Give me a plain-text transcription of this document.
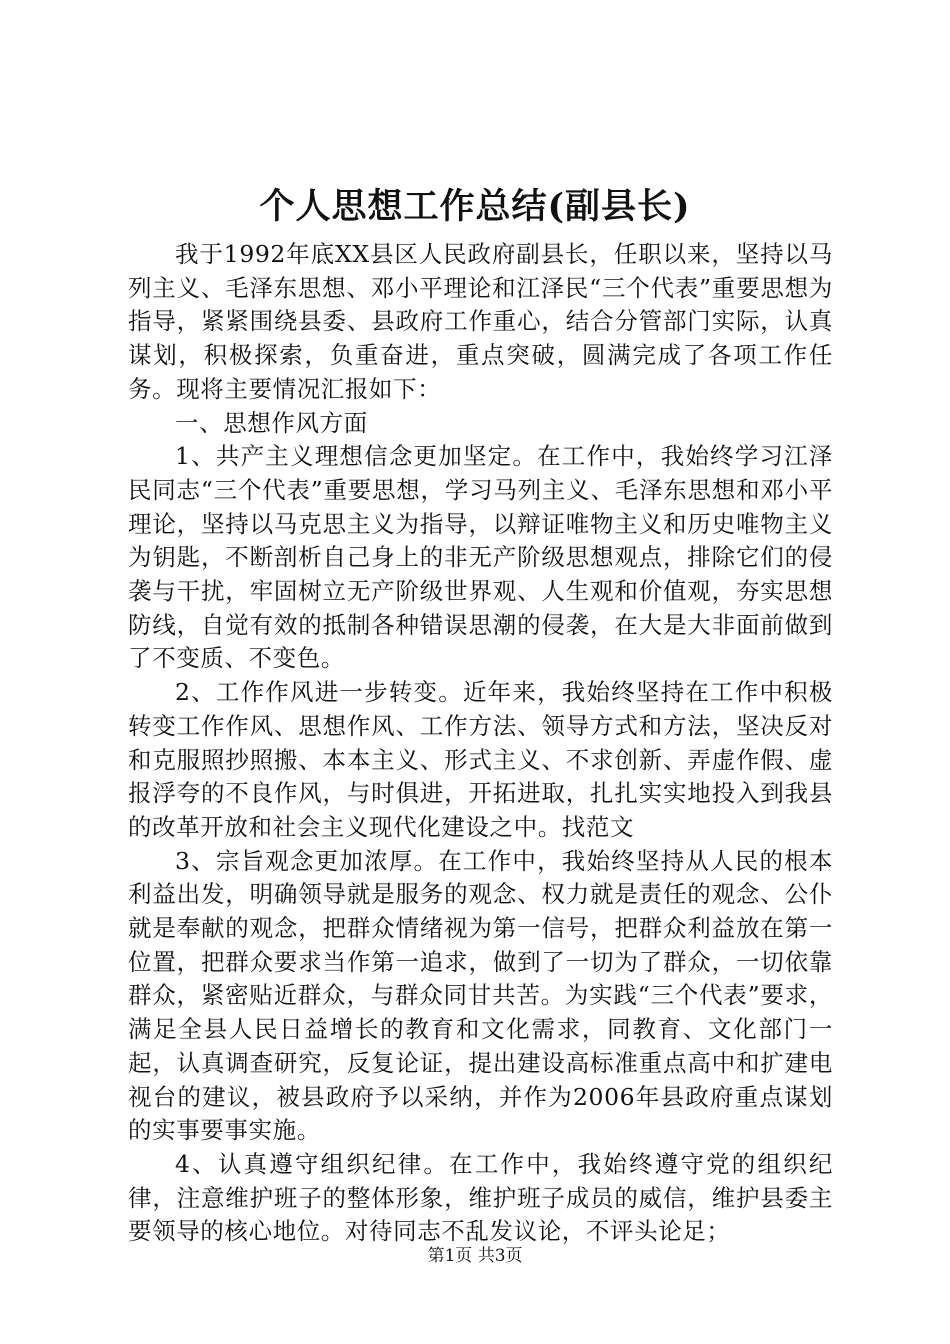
个人思想工作总结(副县长)

我于1992年底XX县区人民政府副县长，任职以来，坚持以马列主义、毛泽东思想、邓小平理论和江泽民“三个代表”重要思想为指导，紧紧围绕县委、县政府工作重心，结合分管部门实际，认真谋划，积极探索，负重奋进，重点突破，圆满完成了各项工作任务。现将主要情况汇报如下：

一、思想作风方面

1、共产主义理想信念更加坚定。在工作中，我始终学习江泽民同志“三个代表”重要思想，学习马列主义、毛泽东思想和邓小平理论，坚持以马克思主义为指导，以辩证唯物主义和历史唯物主义为钥匙，不断剖析自己身上的非无产阶级思想观点，排除它们的侵袭与干扰，牢固树立无产阶级世界观、人生观和价值观，夯实思想防线，自觉有效的抵制各种错误思潮的侵袭，在大是大非面前做到了不变质、不变色。

2、工作作风进一步转变。近年来，我始终坚持在工作中积极转变工作作风、思想作风、工作方法、领导方式和方法，坚决反对和克服照抄照搬、本本主义、形式主义、不求创新、弄虚作假、虚报浮夸的不良作风，与时俱进，开拓进取，扎扎实实地投入到我县的改革开放和社会主义现代化建设之中。找范文

3、宗旨观念更加浓厚。在工作中，我始终坚持从人民的根本利益出发，明确领导就是服务的观念、权力就是责任的观念、公仆就是奉献的观念，把群众情绪视为第一信号，把群众利益放在第一位置，把群众要求当作第一追求，做到了一切为了群众，一切依靠群众，紧密贴近群众，与群众同甘共苦。为实践“三个代表”要求，满足全县人民日益增长的教育和文化需求，同教育、文化部门一起，认真调查研究，反复论证，提出建设高标准重点高中和扩建电视台的建议，被县政府予以采纳，并作为2006年县政府重点谋划的实事要事实施。

4、认真遵守组织纪律。在工作中，我始终遵守党的组织纪律，注意维护班子的整体形象，维护班子成员的威信，维护县委主要领导的核心地位。对待同志不乱发议论，不评头论足；

第1页 共3页
